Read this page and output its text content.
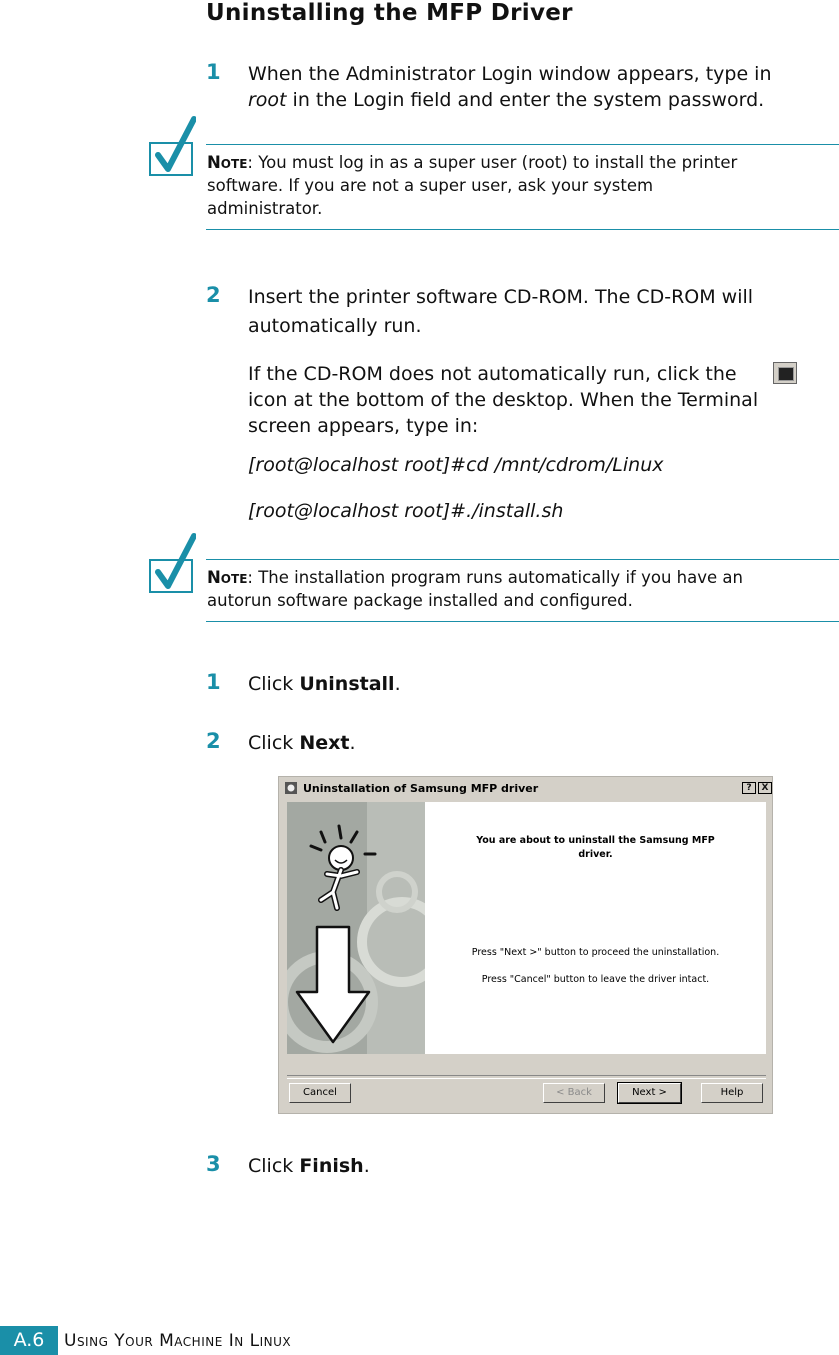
Uninstalling the MFP Driver
1 When the Administrator Login window appears, type in
root in the Login field and enter the system password.
Note: You must log in as a super user (root) to install the printer
software. If you are not a super user, ask your system
administrator.
2 Insert the printer software CD-ROM. The CD-ROM will
automatically run.
If the CD-ROM does not automatically run, click the
icon at the bottom of the desktop. When the Terminal
screen appears, type in:
[root@localhost root]#cd /mnt/cdrom/Linux
[root@localhost root]#./install.sh
Note: The installation program runs automatically if you have an
autorun software package installed and configured.
1 Click Uninstall.
2 Click Next.
Uninstallation of Samsung MFP driver	?	X
You are about to uninstall the Samsung MFP
driver.
Press "Next >" button to proceed the uninstallation.
Press "Cancel" button to leave the driver intact.
Cancel	< Back	Next >	Help
3 Click Finish.
A.6	Using Your Machine In Linux
